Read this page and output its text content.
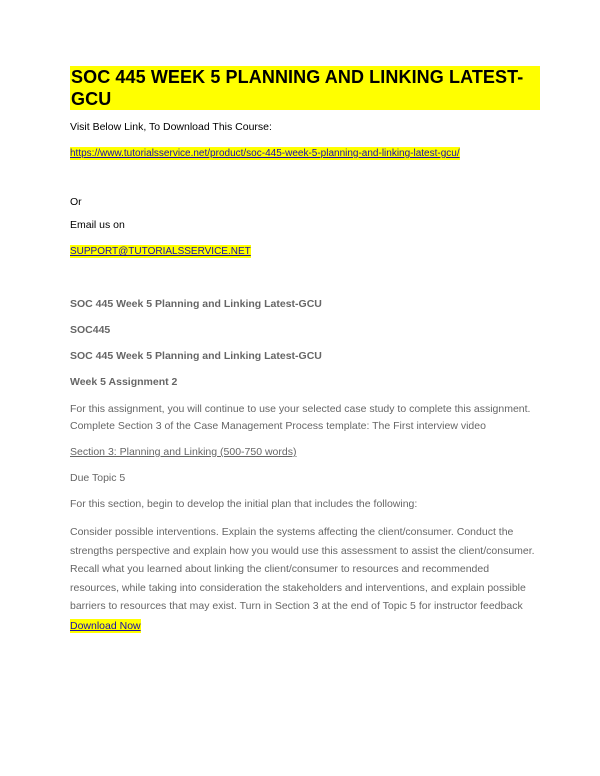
SOC 445 WEEK 5 PLANNING AND LINKING LATEST-GCU
Visit Below Link, To Download This Course:
https://www.tutorialsservice.net/product/soc-445-week-5-planning-and-linking-latest-gcu/
Or
Email us on
SUPPORT@TUTORIALSSERVICE.NET
SOC 445 Week 5 Planning and Linking Latest-GCU
SOC445
SOC 445 Week 5 Planning and Linking Latest-GCU
Week 5 Assignment 2
For this assignment, you will continue to use your selected case study to complete this assignment. Complete Section 3 of the Case Management Process template: The First interview video
Section 3: Planning and Linking (500-750 words)
Due Topic 5
For this section, begin to develop the initial plan that includes the following:
Consider possible interventions. Explain the systems affecting the client/consumer. Conduct the strengths perspective and explain how you would use this assessment to assist the client/consumer. Recall what you learned about linking the client/consumer to resources and recommended resources, while taking into consideration the stakeholders and interventions, and explain possible barriers to resources that may exist. Turn in Section 3 at the end of Topic 5 for instructor feedback
Download Now
